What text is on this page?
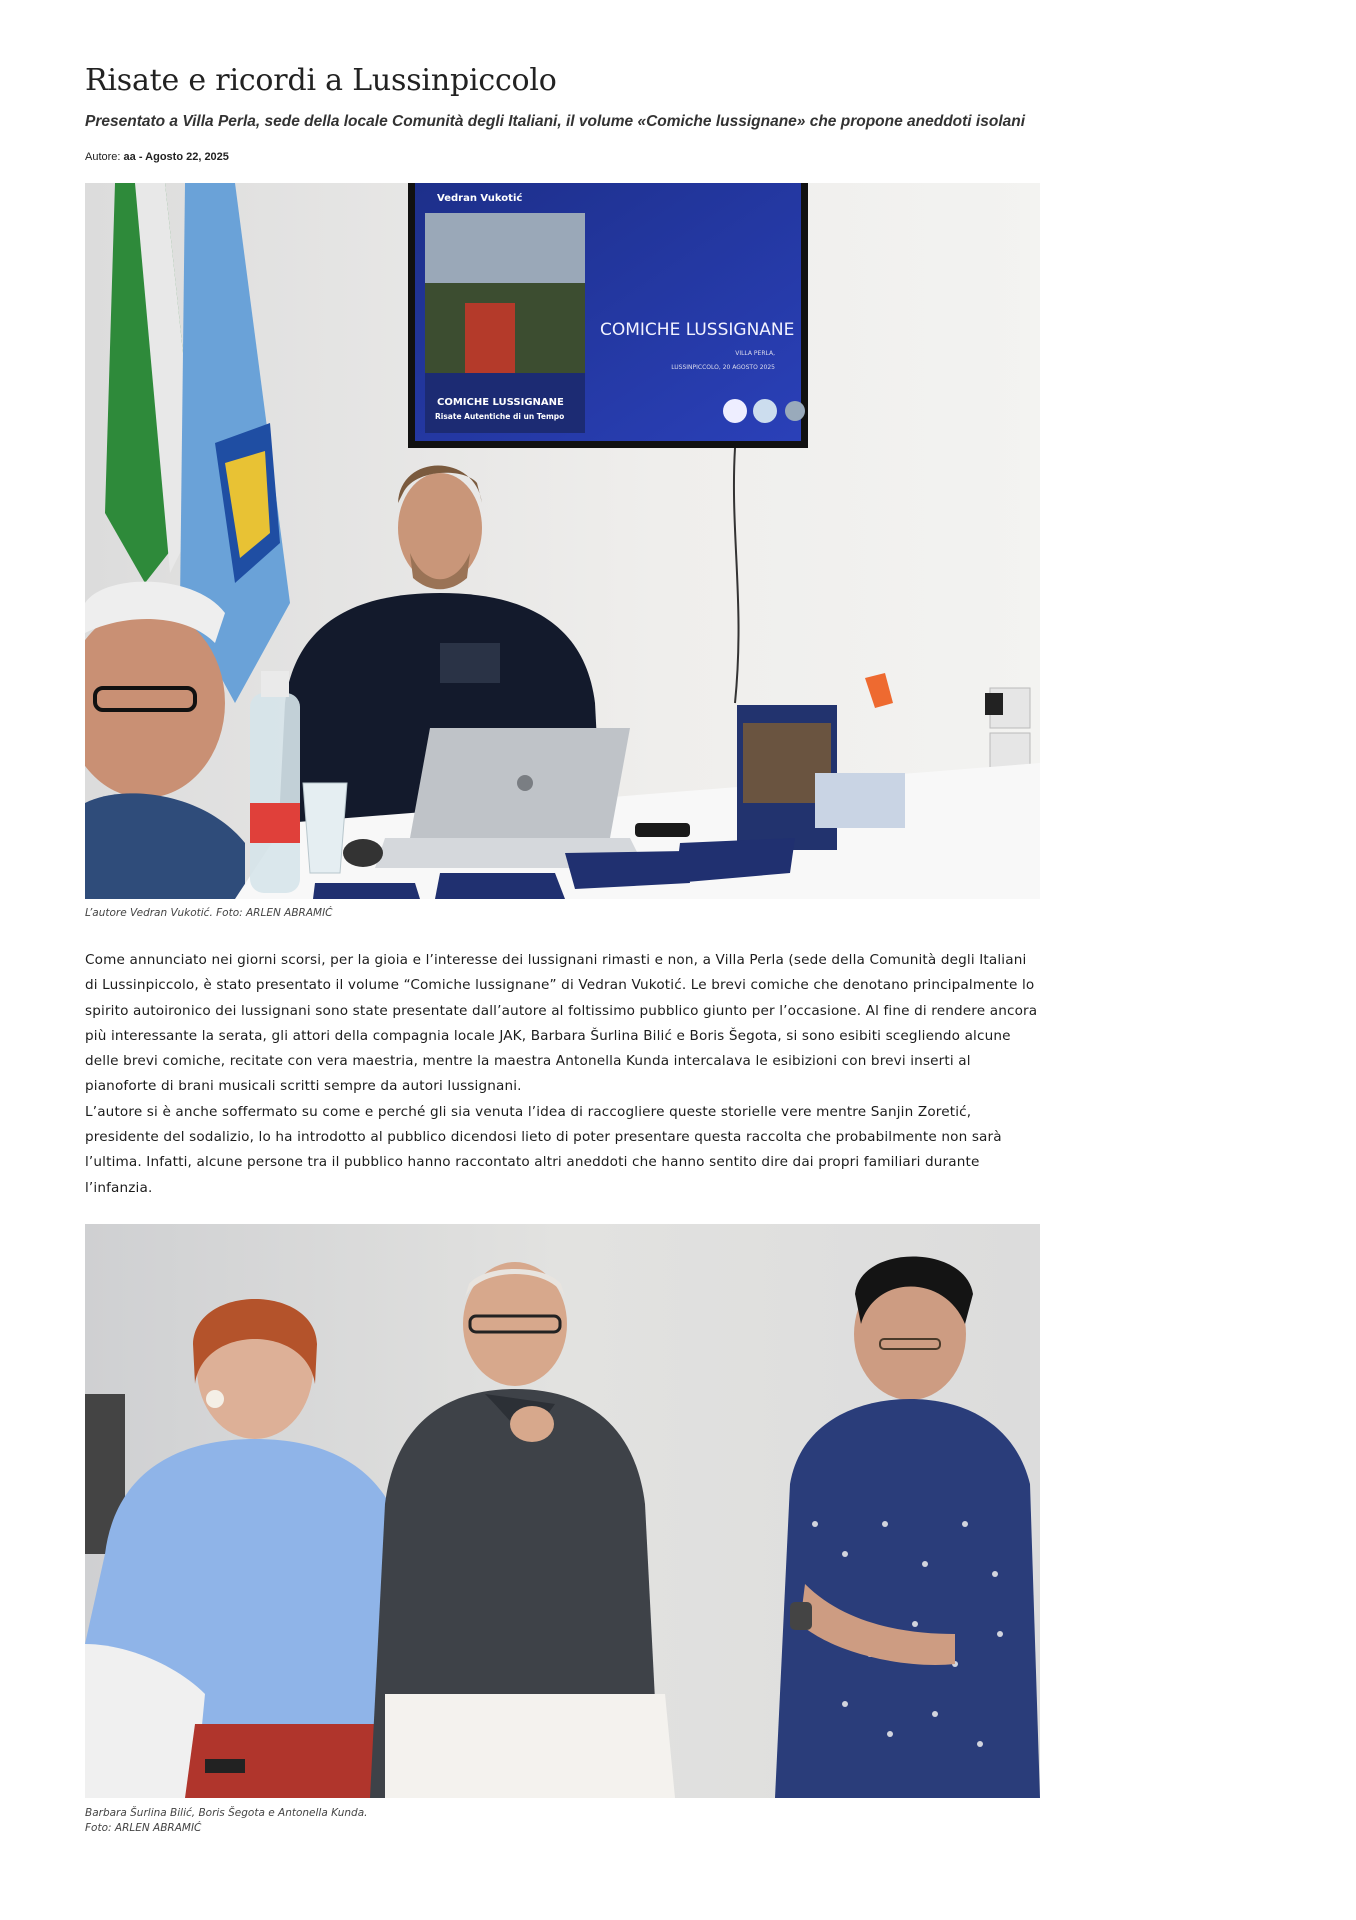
Risate e ricordi a Lussinpiccolo

Presentato a Villa Perla, sede della locale Comunità degli Italiani, il volume «Comiche lussignane» che propone aneddoti isolani

Autore: aa - Agosto 22, 2025
Vedran Vukotić
COMICHE LUSSIGNANE
Risate Autentiche di un Tempo
COMICHE LUSSIGNANE
VILLA PERLA,
LUSSINPICCOLO, 20 AGOSTO 2025
L’autore Vedran Vukotić. Foto: ARLEN ABRAMIĆ

Come annunciato nei giorni scorsi, per la gioia e l’interesse dei lussignani rimasti e non, a Villa Perla (sede della Comunità degli Italiani di Lussinpiccolo, è stato presentato il volume “Comiche lussignane” di Vedran Vukotić. Le brevi comiche che denotano principalmente lo spirito autoironico dei lussignani sono state presentate dall’autore al foltissimo pubblico giunto per l’occasione. Al fine di rendere ancora più interessante la serata, gli attori della compagnia locale JAK, Barbara Šurlina Bilić e Boris Šegota, si sono esibiti scegliendo alcune delle brevi comiche, recitate con vera maestria, mentre la maestra Antonella Kunda intercalava le esibizioni con brevi inserti al pianoforte di brani musicali scritti sempre da autori lussignani.

L’autore si è anche soffermato su come e perché gli sia venuta l’idea di raccogliere queste storielle vere mentre Sanjin Zoretić, presidente del sodalizio, lo ha introdotto al pubblico dicendosi lieto di poter presentare questa raccolta che probabilmente non sarà l’ultima. Infatti, alcune persone tra il pubblico hanno raccontato altri aneddoti che hanno sentito dire dai propri familiari durante l’infanzia.

Barbara Šurlina Bilić, Boris Šegota e Antonella Kunda.
Foto: ARLEN ABRAMIĆ
